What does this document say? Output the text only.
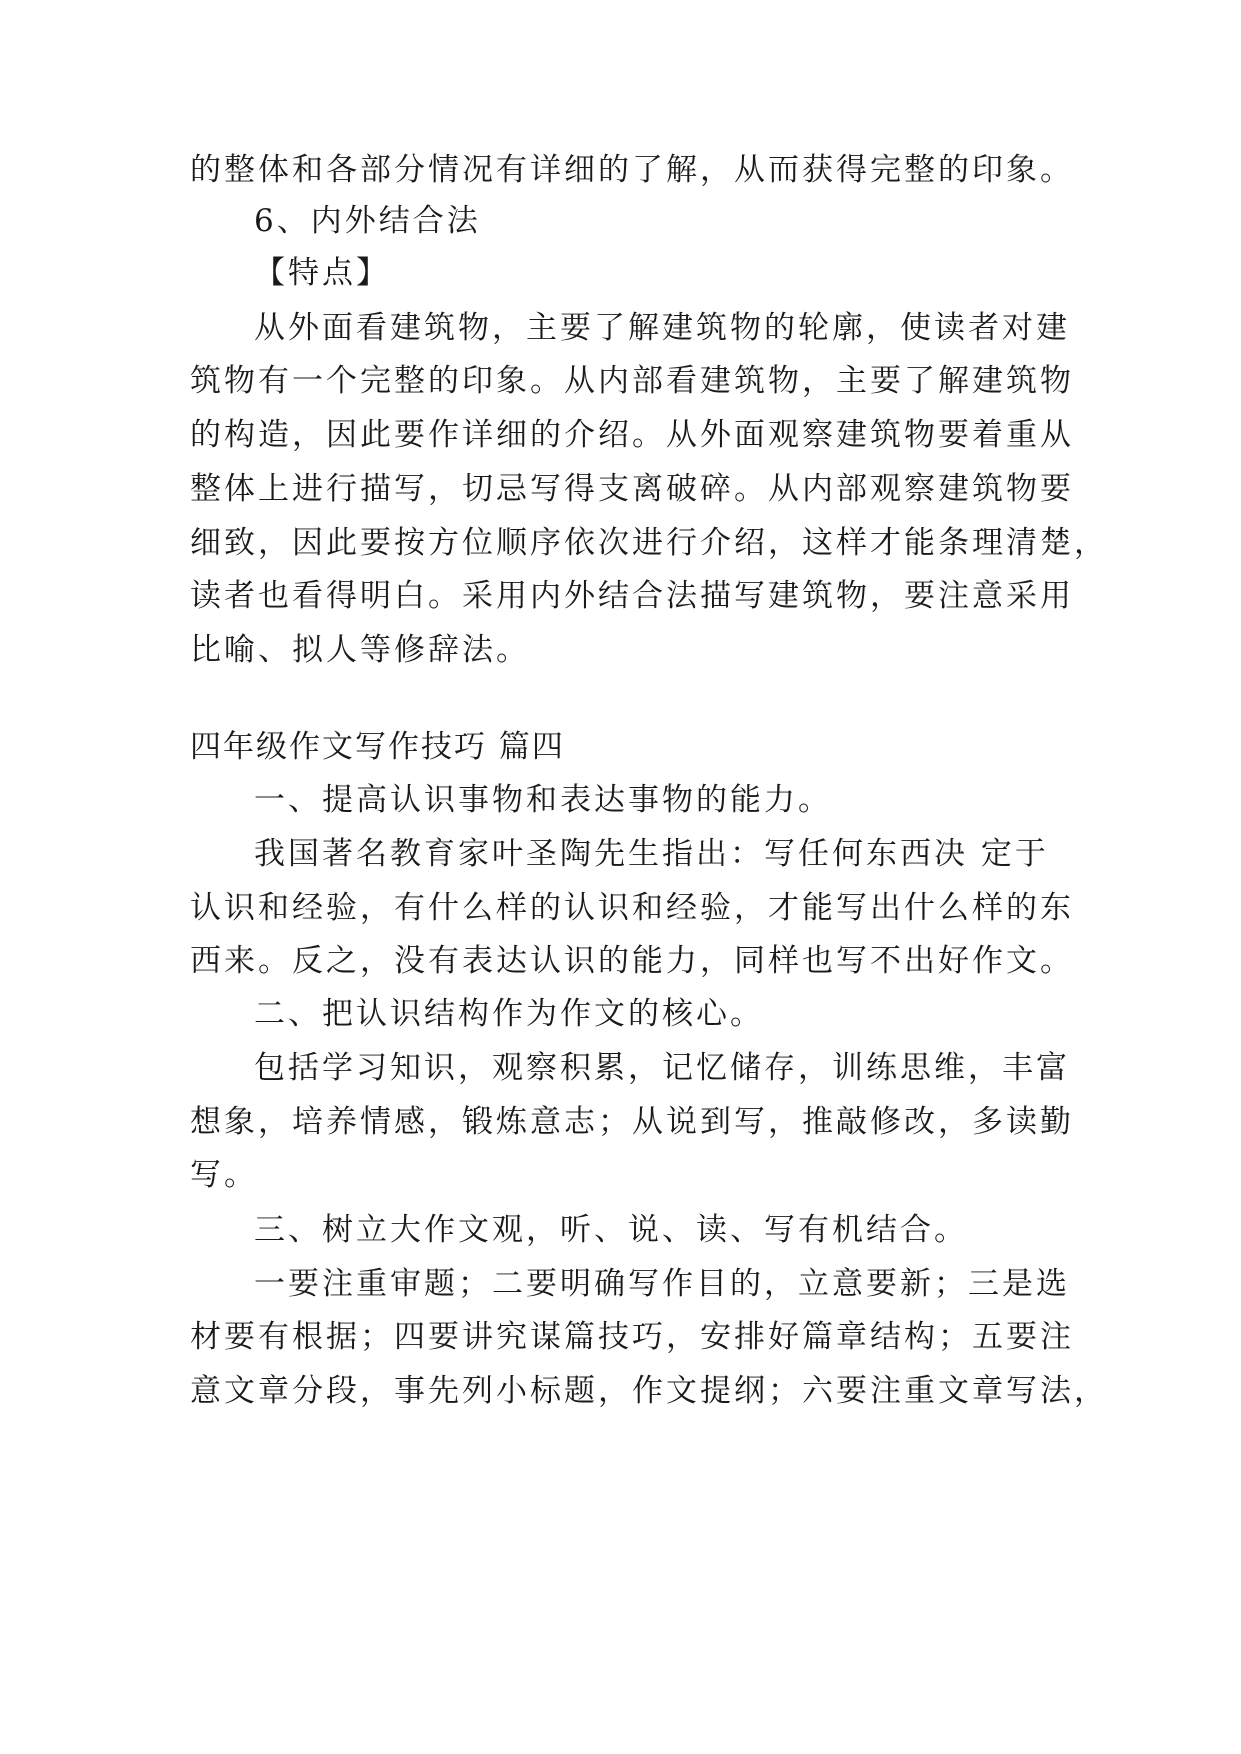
的整体和各部分情况有详细的了解，从而获得完整的印象。
6、内外结合法
【特点】
从外面看建筑物，主要了解建筑物的轮廓，使读者对建
筑物有一个完整的印象。从内部看建筑物，主要了解建筑物
的构造，因此要作详细的介绍。从外面观察建筑物要着重从
整体上进行描写，切忌写得支离破碎。从内部观察建筑物要
细致，因此要按方位顺序依次进行介绍，这样才能条理清楚，
读者也看得明白。采用内外结合法描写建筑物，要注意采用
比喻、拟人等修辞法。
四年级作文写作技巧 篇四
一、提高认识事物和表达事物的能力。
我国著名教育家叶圣陶先生指出：写任何东西决 定于
认识和经验，有什么样的认识和经验，才能写出什么样的东
西来。反之，没有表达认识的能力，同样也写不出好作文。
二、把认识结构作为作文的核心。
包括学习知识，观察积累，记忆储存，训练思维，丰富
想象，培养情感，锻炼意志；从说到写，推敲修改，多读勤
写。
三、树立大作文观，听、说、读、写有机结合。
一要注重审题；二要明确写作目的，立意要新；三是选
材要有根据；四要讲究谋篇技巧，安排好篇章结构；五要注
意文章分段，事先列小标题，作文提纲；六要注重文章写法，
